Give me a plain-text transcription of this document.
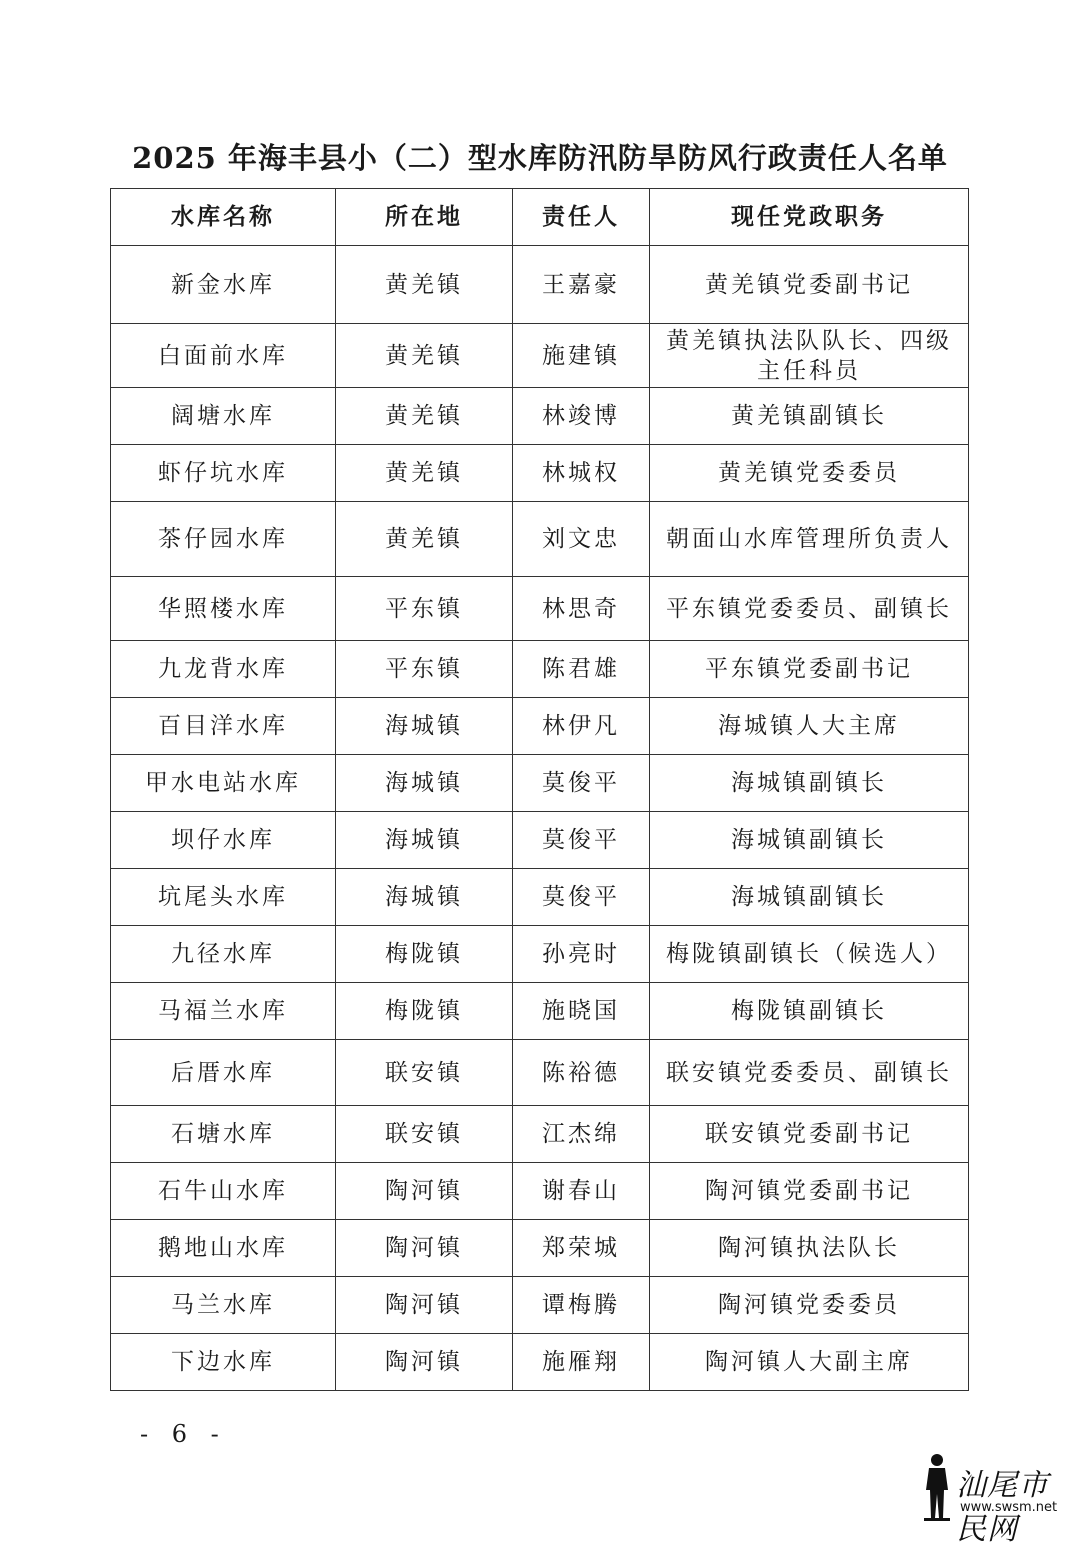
2025 年海丰县小（二）型水库防汛防旱防风行政责任人名单
水库名称	所在地	责任人	现任党政职务
新金水库	黄羌镇	王嘉豪	黄羌镇党委副书记
白面前水库	黄羌镇	施建镇	黄羌镇执法队队长、四级主任科员
阔塘水库	黄羌镇	林竣博	黄羌镇副镇长
虾仔坑水库	黄羌镇	林城权	黄羌镇党委委员
茶仔园水库	黄羌镇	刘文忠	朝面山水库管理所负责人
华照楼水库	平东镇	林思奇	平东镇党委委员、副镇长
九龙背水库	平东镇	陈君雄	平东镇党委副书记
百目洋水库	海城镇	林伊凡	海城镇人大主席
甲水电站水库	海城镇	莫俊平	海城镇副镇长
坝仔水库	海城镇	莫俊平	海城镇副镇长
坑尾头水库	海城镇	莫俊平	海城镇副镇长
九径水库	梅陇镇	孙亮时	梅陇镇副镇长（候选人）
马福兰水库	梅陇镇	施晓国	梅陇镇副镇长
后厝水库	联安镇	陈裕德	联安镇党委委员、副镇长
石塘水库	联安镇	江杰绵	联安镇党委副书记
石牛山水库	陶河镇	谢春山	陶河镇党委副书记
鹅地山水库	陶河镇	郑荣城	陶河镇执法队长
马兰水库	陶河镇	谭梅腾	陶河镇党委委员
下边水库	陶河镇	施雁翔	陶河镇人大副主席
- 6 -
汕尾市民网
www.swsm.net
